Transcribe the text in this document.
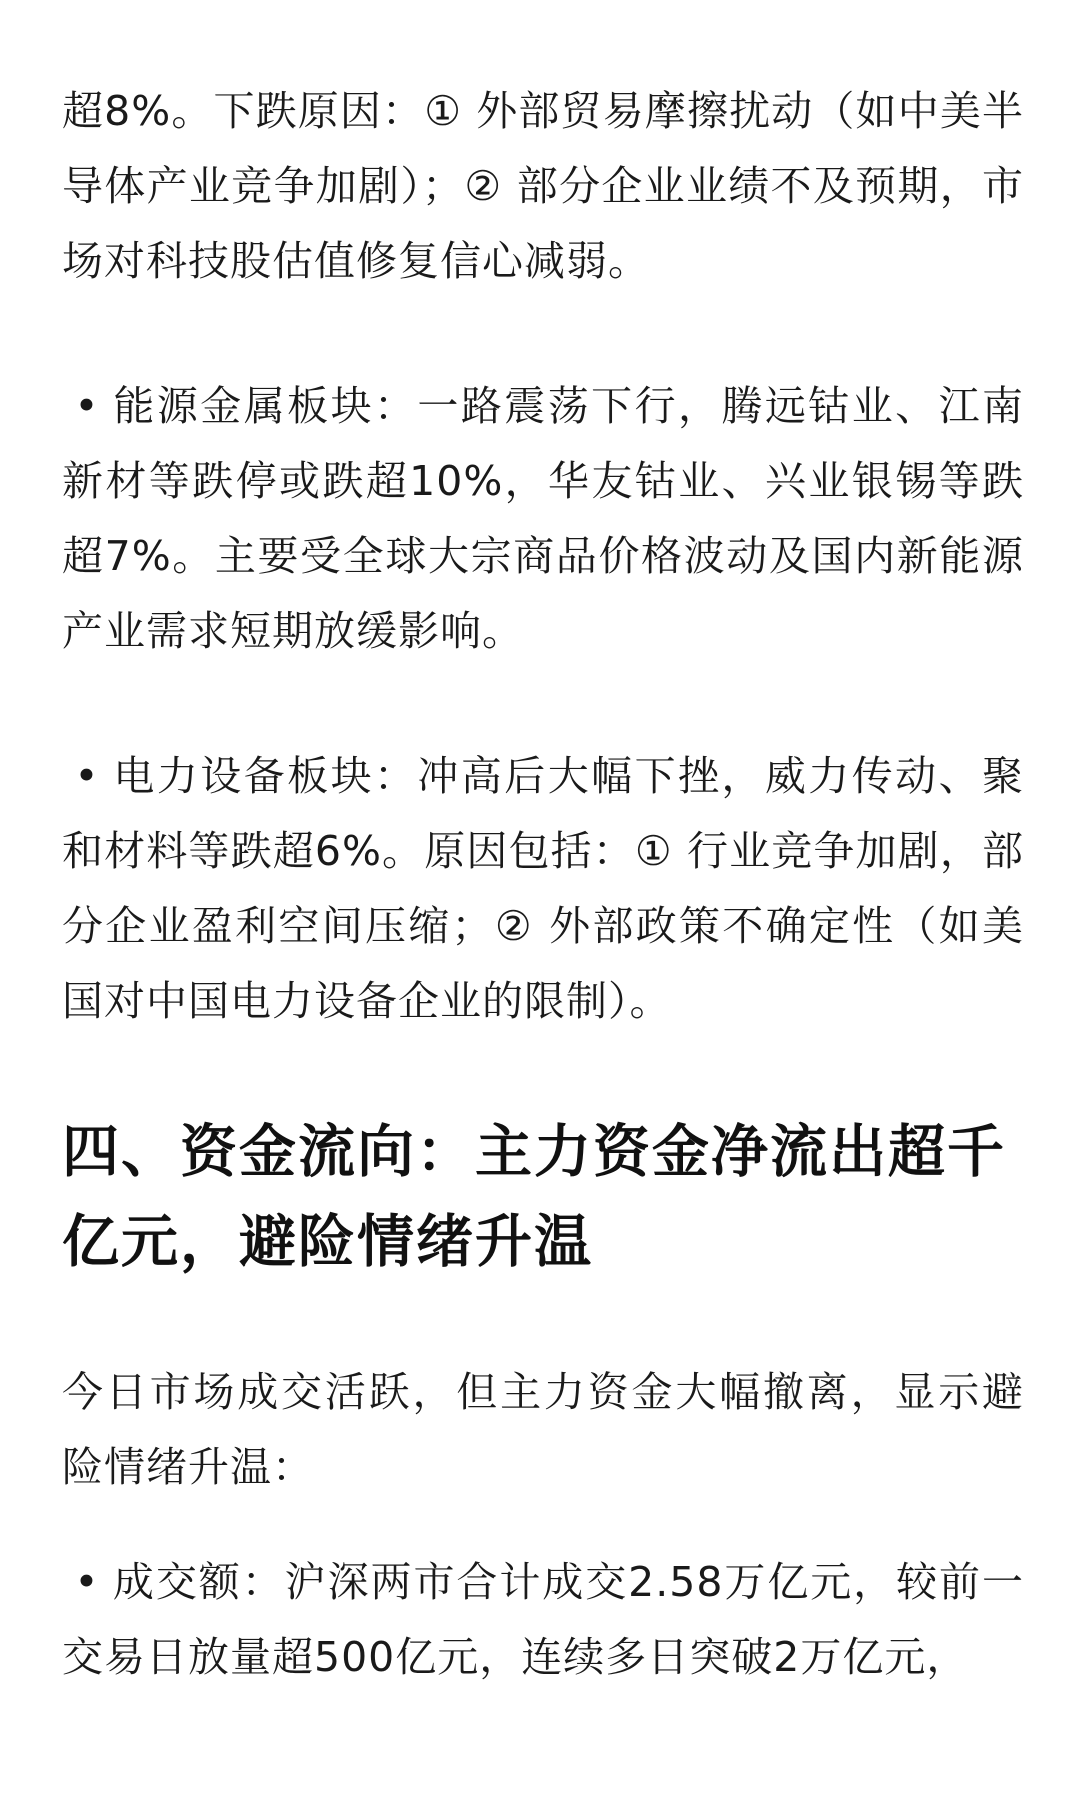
超8%。下跌原因：① 外部贸易摩擦扰动（如中美半导体产业竞争加剧）；② 部分企业业绩不及预期，市场对科技股估值修复信心减弱。

• 能源金属板块：一路震荡下行，腾远钴业、江南新材等跌停或跌超10%，华友钴业、兴业银锡等跌超7%。主要受全球大宗商品价格波动及国内新能源产业需求短期放缓影响。

• 电力设备板块：冲高后大幅下挫，威力传动、聚和材料等跌超6%。原因包括：① 行业竞争加剧，部分企业盈利空间压缩；② 外部政策不确定性（如美国对中国电力设备企业的限制）。

四、资金流向：主力资金净流出超千亿元，避险情绪升温

今日市场成交活跃，但主力资金大幅撤离，显示避险情绪升温：

• 成交额：沪深两市合计成交2.58万亿元，较前一交易日放量超500亿元，连续多日突破2万亿元，
